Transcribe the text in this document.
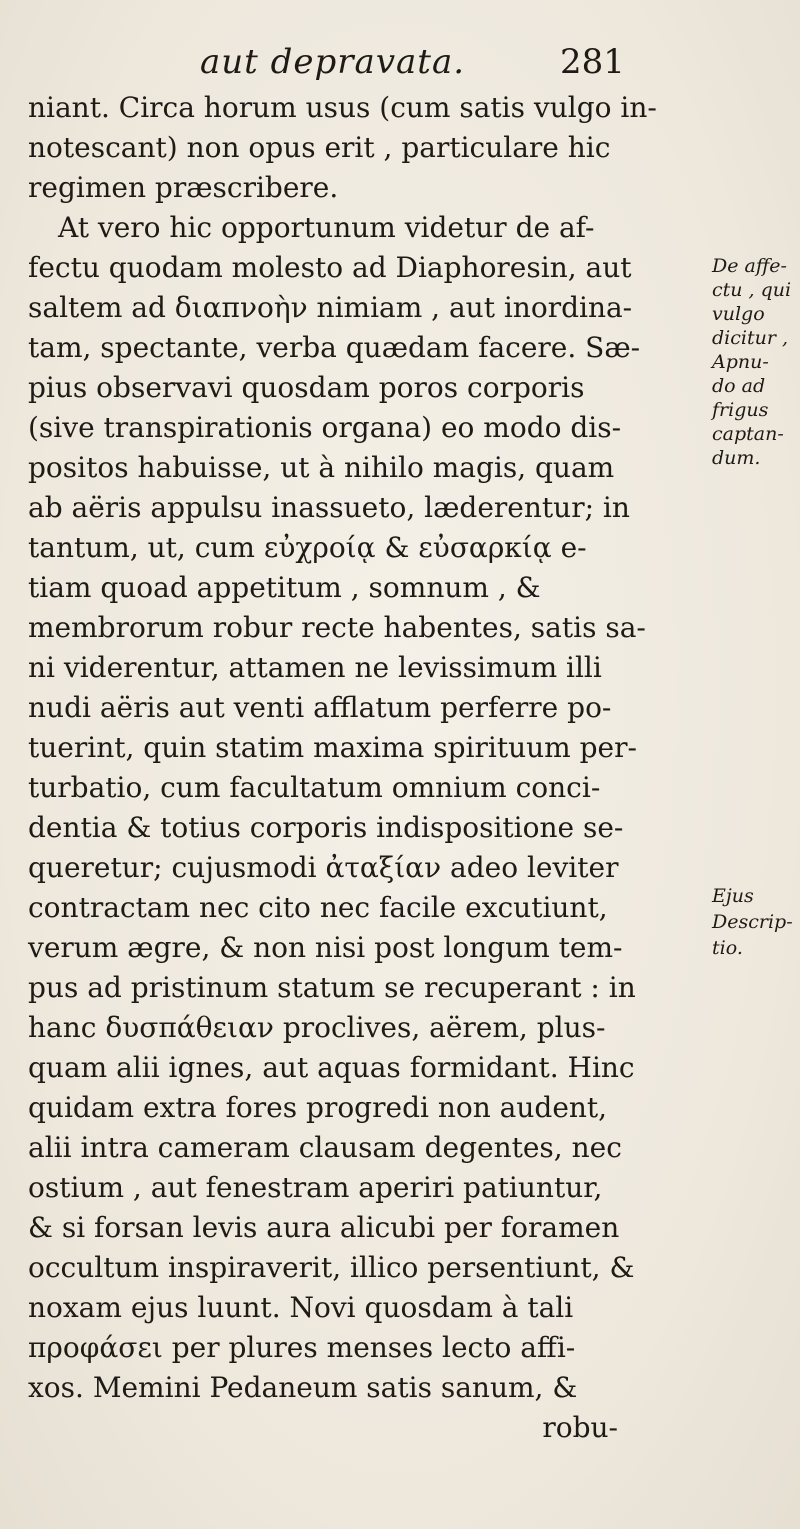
aut depravata.	281
niant. Circa horum usus (cum satis vulgo in-
notescant) non opus erit , particulare hic
regimen præscribere.
At vero hic opportunum videtur de af-
fectu quodam molesto ad Diaphoresin, aut
saltem ad διαπνοὴν nimiam , aut inordina-
tam, spectante, verba quædam facere. Sæ-
pius observavi quosdam poros corporis
(sive transpirationis organa) eo modo dis-
positos habuisse, ut à nihilo magis, quam
ab aëris appulsu inassueto, læderentur; in
tantum, ut, cum εὐχροίᾳ & εὐσαρκίᾳ e-
tiam quoad appetitum , somnum , &
membrorum robur recte habentes, satis sa-
ni viderentur, attamen ne levissimum illi
nudi aëris aut venti afflatum perferre po-
tuerint, quin statim maxima spirituum per-
turbatio, cum facultatum omnium conci-
dentia & totius corporis indispositione se-
queretur; cujusmodi ἀταξίαν adeo leviter
contractam nec cito nec facile excutiunt,
verum ægre, & non nisi post longum tem-
pus ad pristinum statum se recuperant : in
hanc δυσπάθειαν proclives, aërem, plus-
quam alii ignes, aut aquas formidant. Hinc
quidam extra fores progredi non audent,
alii intra cameram clausam degentes, nec
ostium , aut fenestram aperiri patiuntur,
& si forsan levis aura alicubi per foramen
occultum inspiraverit, illico persentiunt, &
noxam ejus luunt. Novi quosdam à tali
προφάσει per plures menses lecto affi-
xos. Memini Pedaneum satis sanum, &
robu-
De affe-
ctu , qui
vulgo
dicitur ,
Apnu-
do ad
frigus
captan-
dum.
Ejus
Descrip-
tio.
